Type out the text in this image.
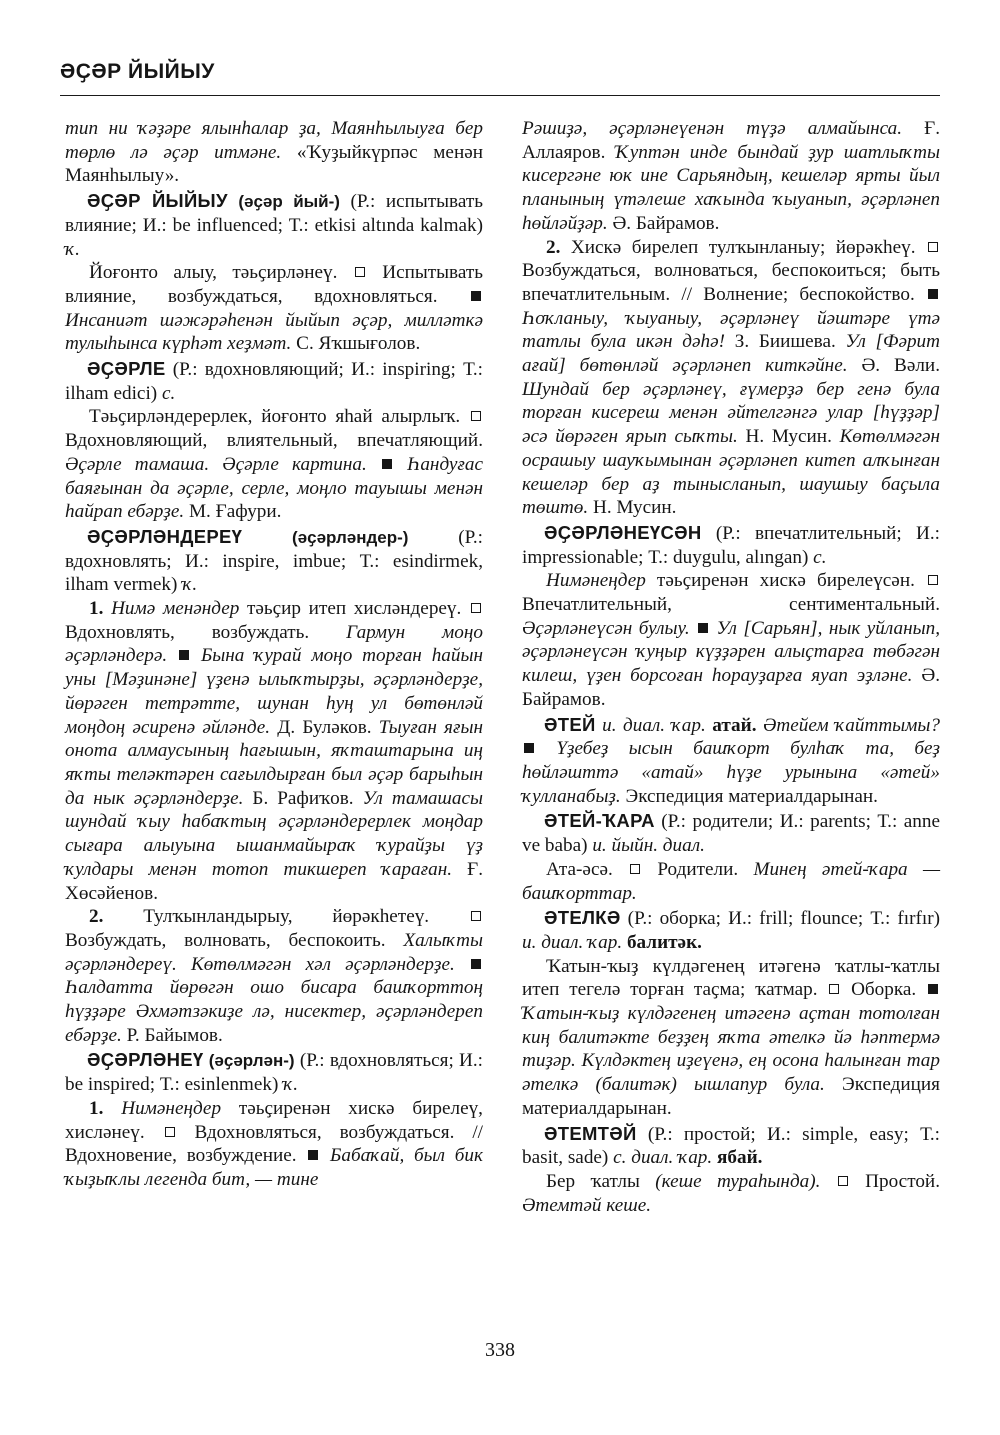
ӘҪӘР ЙЫЙЫУ

тип ни ҡәҙәре ялынһалар ҙа, Маянһылыуға бер төрлө лә әҫәр итмәне. «Ҡуҙыйкүрпәс менән Маянһылыу».

ӘҪӘР ЙЫЙЫУ (әҫәр йый-) (Р.: испытывать влияние; И.: be influenced; Т.: etkisi altında kalmak) ҡ.

Йоғонто алыу, тәьҫирләнеү.  Испытывать влияние, возбуждаться, вдохновляться.  Инсаниәт шәжәрәһенән йыйып әҫәр, милләткә тулыһынса күрһәт хеҙмәт. С. Яҡшығолов.

ӘҪӘРЛЕ (Р.: вдохновляющий; И.: inspiring; Т.: ilham edici) с.

Тәьҫирләндерерлек, йоғонто яһай алырлыҡ.  Вдохновляющий, влиятельный, впечатляющий. Әҫәрле тамаша. Әҫәрле картина.  Һандуғас баяғынан да әҫәрле, серле, моңло тауышы менән һайрап ебәрҙе. М. Ғафури.

ӘҪӘРЛӘНДЕРЕҮ	(әҫәрләндер-) (Р.: вдохновлять; И.: inspire, imbue; Т.: esindirmek, ilham vermek) ҡ.

1. Нимә менәндер тәьҫир итеп хисләндереү.  Вдохновлять, возбуждать. Гармун моңо әҫәрләндерә.  Бына ҡурай моңо торған һайын уны [Мәҙинәне] үҙенә ылыҡтырҙы, әҫәрләндерҙе, йөрәген тетрәтте, шунан һуң ул бөтөнләй моңдоң әсиренә әйләнде. Д. Буләков. Тыуған яғын онота алмаусының һағышын, яҡташтарына иң яҡты теләктәрен сағылдырған был әҫәр барыһын да нык әҫәрләндерҙе. Б. Рафиҡов. Ул тамашасы шундай ҡыу һабаҡтың әҫәрләндерерлек моңдар сығара алыуына ышанмайыраҡ ҡурайҙы үҙ ҡулдары менән тотоп тикшереп ҡараған. Ғ. Хөсәйенов.

2. Тулҡынландырыу, йөрәкһетеү.  Возбуждать, волновать, беспокоить. Халыҡты әҫәрләндереү. Көтөлмәгән хәл әҫәрләндерҙе.  Һалдатта йөрөгән ошо бисара башҡорттоң һүҙҙәре Әхмәтзәкиҙе лә, нисектер, әҫәрләндереп ебәрҙе. Р. Байымов.

ӘҪӘРЛӘНЕҮ (әҫәрлән-) (Р.: вдохновляться; И.: be inspired; Т.: esinlenmek) ҡ.

1. Нимәнеңдер тәьҫиренән хискә бирелеү, хисләнеү.  Вдохновляться, возбуждаться. // Вдохновение, возбуждение.  Бабаҡай, был бик ҡыҙыҡлы легенда бит, — тине

Рәшиҙә, әҫәрләнеүенән түҙә алмайынса. Ғ. Аллаяров. Ҡуптән инде бындай ҙур шатлыҡты кисергәне юк ине Сарьяндың, кешеләр ярты йыл планының үтәлеше хаҡында ҡыуанып, әҫәрләнеп һөйләйҙәр. Ә. Байрамов.

2. Хискә бирелеп тулҡынланыу; йөрәкһеү.  Возбуждаться, волноваться, беспокоиться; быть впечатлительным. // Волнение; беспокойство.  Һоҡланыу, ҡыуаныу, әҫәрләнеү йәштәре үтә татлы була икән дәһә! З. Биишева. Ул [Фәрит ағай] бөтөнләй әҫәрләнеп киткәйне. Ә. Вәли. Шундай бер әҫәрләнеү, ғүмерҙә бер генә була торған кисереш менән әйтелгәнгә улар [һүҙҙәр] әсә йөрәген ярып сыҡты. Н. Мусин. Көтөлмәгән осрашыу шауҡымынан әҫәрләнеп китеп алҡынған кешеләр бер аҙ тынысланып, шаушыу баҫыла төштө. Н. Мусин.

ӘҪӘРЛӘНЕҮСӘН (Р.: впечатлительный; И.: impressionable; Т.: duygulu, alıngan) с.

Нимәнеңдер тәьҫиренән хискә бирелеүсән.  Впечатлительный, сентиментальный. Әҫәрләнеүсән булыу.  Ул [Сарьян], нык уйланып, әҫәрләнеүсән ҡуңыр күҙҙәрен алыҫтарға төбәгән килеш, үҙен борсоған һорауҙарға яуап эҙләне. Ә. Байрамов.

ӘТЕЙ и. диал. ҡар. атай. Әтейем ҡайттымы?  Үҙебеҙ ысын башҡорт булһаҡ та, беҙ һөйләшттә «атай» һүҙе урынына «әтей» ҡулланабыҙ. Экспедиция материалдарынан.

ӘТЕЙ-ҠАРА (Р.: родители; И.: parents; Т.: anne ve baba) и. йыйн. диал.

Ата-әсә.  Родители. Минең әтей-ҡара — башҡорттар.

ӘТЕЛКӘ (Р.: оборка; И.: frill; flounce; Т.: fırfır) и. диал. ҡар. балитәк.

Ҡатын-ҡыҙ күлдәгенең итәгенә ҡатлы-ҡатлы итеп тегелә торған таҫма; ҡатмар.  Оборка.  Ҡатын-ҡыҙ күлдәгенең итәгенә аҫтан тотолған киң балитәкте беҙҙең яҡта әтелкә йә һәптермә тиҙәр. Күлдәктең иҙеүенә, ең осона һалынған тар әтелкә (балитәк) ышлапур була. Экспедиция материалдарынан.

ӘТЕМТӘЙ (Р.: простой; И.: simple, easy; Т.: basit, sade) с. диал. ҡар. ябай.

Бер ҡатлы (кеше тураһында).  Простой. Әтемтәй кеше.

338
